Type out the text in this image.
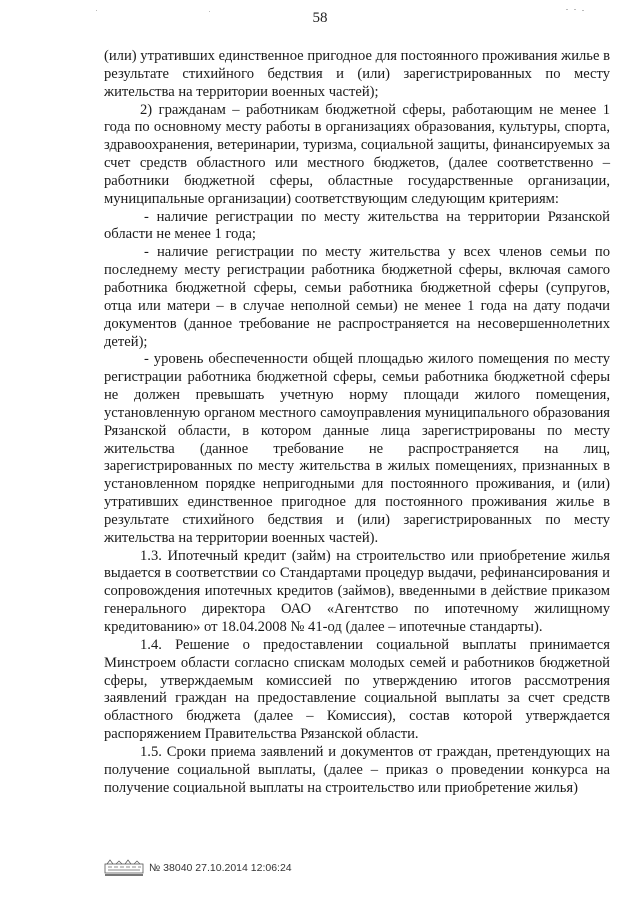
58

(или) утративших единственное пригодное для постоянного проживания жилье в результате стихийного бедствия и (или) зарегистрированных по месту жительства на территории военных частей);

2) гражданам – работникам бюджетной сферы, работающим не менее 1 года по основному месту работы в организациях образования, культуры, спорта, здравоохранения, ветеринарии, туризма, социальной защиты, финансируемых за счет средств областного или местного бюджетов, (далее соответственно – работники бюджетной сферы, областные государственные организации, муниципальные организации) соответствующим следующим критериям:

- наличие регистрации по месту жительства на территории Рязанской области не менее 1 года;

- наличие регистрации по месту жительства у всех членов семьи по последнему месту регистрации работника бюджетной сферы, включая самого работника бюджетной сферы, семьи работника бюджетной сферы (супругов, отца или матери – в случае неполной семьи) не менее 1 года на дату подачи документов (данное требование не распространяется на несовершеннолетних детей);

- уровень обеспеченности общей площадью жилого помещения по месту регистрации работника бюджетной сферы, семьи работника бюджетной сферы не должен превышать учетную норму площади жилого помещения, установленную органом местного самоуправления муниципального образования Рязанской области, в котором данные лица зарегистрированы по месту жительства (данное требование не распространяется на лиц, зарегистрированных по месту жительства в жилых помещениях, признанных в установленном порядке непригодными для постоянного проживания, и (или) утративших единственное пригодное для постоянного проживания жилье в результате стихийного бедствия и (или) зарегистрированных по месту жительства на территории военных частей).

1.3. Ипотечный кредит (займ) на строительство или приобретение жилья выдается в соответствии со Стандартами процедур выдачи, рефинансирования и сопровождения ипотечных кредитов (займов), введенными в действие приказом генерального директора ОАО «Агентство по ипотечному жилищному кредитованию» от 18.04.2008 № 41-од (далее – ипотечные стандарты).

1.4. Решение о предоставлении социальной выплаты принимается Минстроем области согласно спискам молодых семей и работников бюджетной сферы, утверждаемым комиссией по утверждению итогов рассмотрения заявлений граждан на предоставление социальной выплаты за счет средств областного бюджета (далее – Комиссия), состав которой утверждается распоряжением Правительства Рязанской области.

1.5. Сроки приема заявлений и документов от граждан, претендующих на получение социальной выплаты, (далее – приказ о проведении конкурса на получение социальной выплаты на строительство или приобретение жилья)

№ 38040 27.10.2014 12:06:24
